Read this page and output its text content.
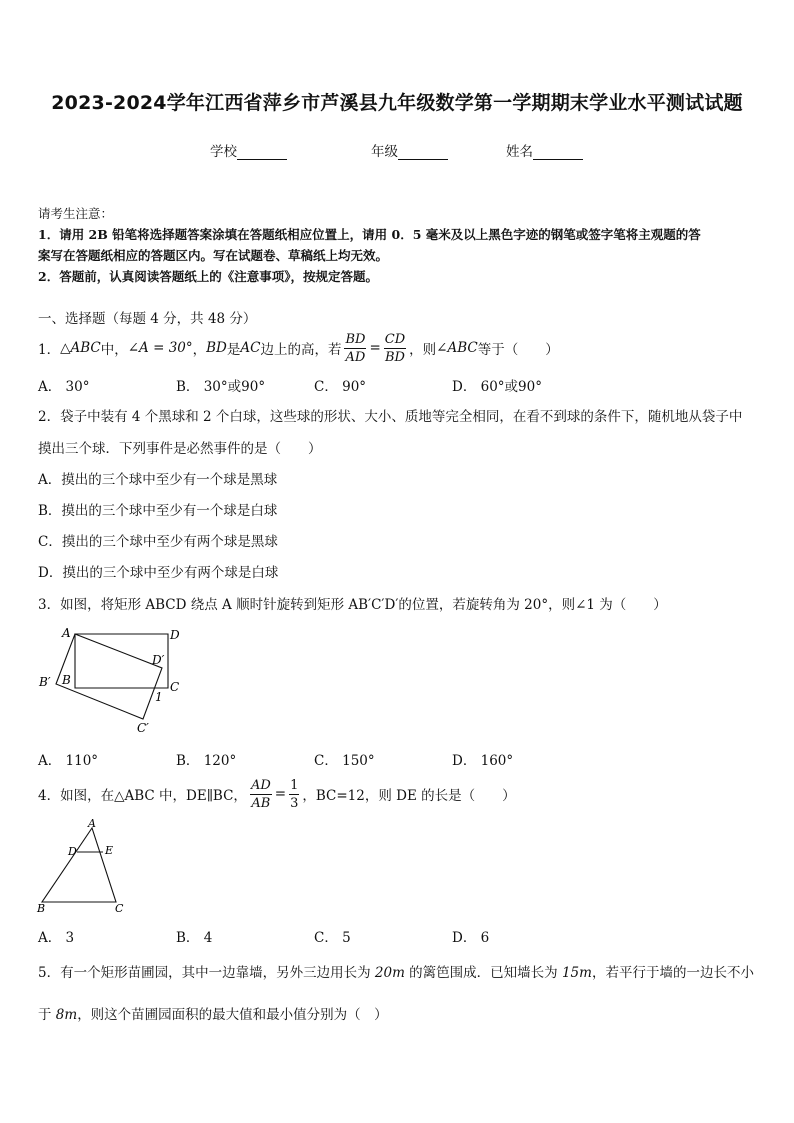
2023-2024学年江西省萍乡市芦溪县九年级数学第一学期期末学业水平测试试题
学校	年级	姓名
请考生注意：
1．请用 2B 铅笔将选择题答案涂填在答题纸相应位置上，请用 0．5 毫米及以上黑色字迹的钢笔或签字笔将主观题的答
案写在答题纸相应的答题区内。写在试题卷、草稿纸上均无效。
2．答题前，认真阅读答题纸上的《注意事项》，按规定答题。
一、选择题（每题 4 分，共 48 分）
1． △ABC 中， ∠A = 30° ， BD 是 AC 边上的高，若 $\frac{BD}{AD} = \frac{CD}{BD}$ ，则 ∠ABC 等于（　　）
A． 30°	B． 30°或90°	C． 90°	D． 60°或90°
2．袋子中装有 4 个黑球和 2 个白球，这些球的形状、大小、质地等完全相同，在看不到球的条件下，随机地从袋子中
摸出三个球．下列事件是必然事件的是（　　）
A．摸出的三个球中至少有一个球是黑球
B．摸出的三个球中至少有一个球是白球
C．摸出的三个球中至少有两个球是黑球
D．摸出的三个球中至少有两个球是白球
3．如图，将矩形 ABCD 绕点 A 顺时针旋转到矩形 AB′C′D′的位置，若旋转角为 20°，则∠1 为（　　）
A	D
D′
B′ B	C
C′
1
A． 110°	B． 120°	C． 150°	D． 160°
4．如图，在△ABC 中，DE∥BC， $\frac{AD}{AB} = \frac{1}{3}$ ，BC=12，则 DE 的长是（　　）
A
D	E
B	C
A． 3	B． 4	C． 5	D． 6
5．有一个矩形苗圃园，其中一边靠墙，另外三边用长为 20m 的篱笆围成．已知墙长为 15m，若平行于墙的一边长不小
于 8m，则这个苗圃园面积的最大值和最小值分别为（　）
